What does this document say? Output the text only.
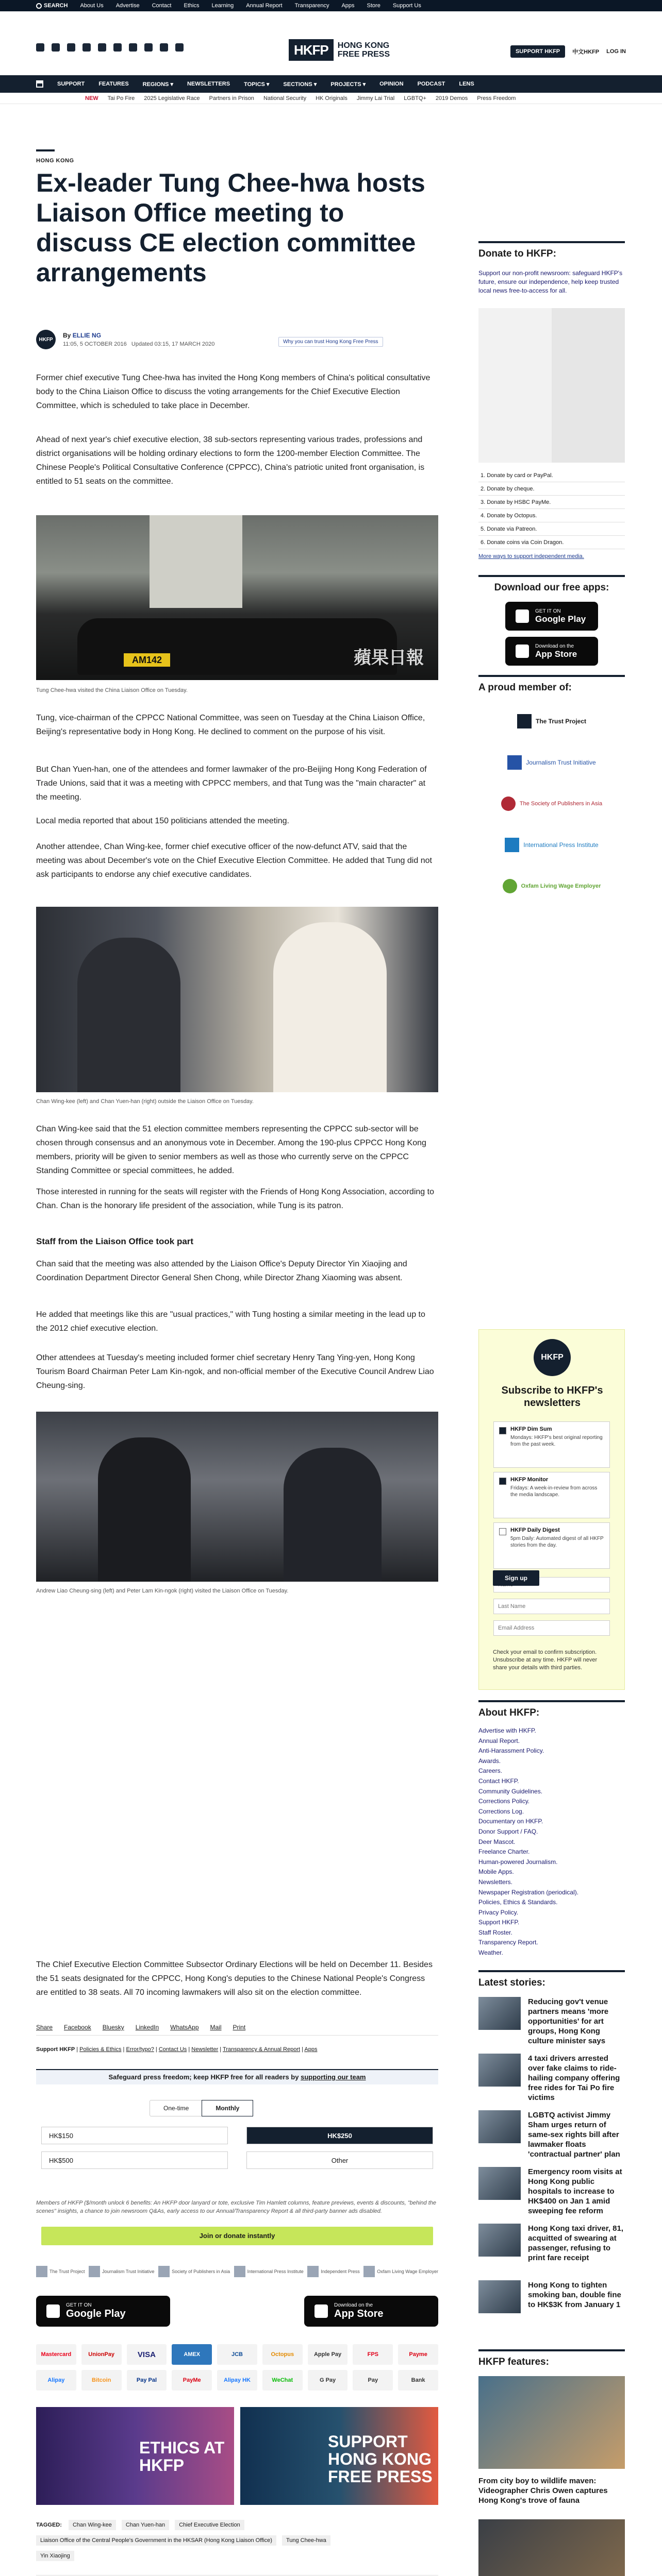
SEARCH About Us Advertise Contact Ethics Learning Annual Report Transparency Apps Store Support Us
HKFP	HONG KONG
FREE PRESS	SUPPORT HKFP	中文HKFP LOG IN
SUPPORT FEATURES REGIONS ▾ NEWSLETTERS TOPICS ▾ SECTIONS ▾ PROJECTS ▾ OPINION PODCAST LENS
NEW Tai Po Fire 2025 Legislative Race Partners in Prison National Security HK Originals Jimmy Lai Trial LGBTQ+ 2019 Demos Press Freedom
HONG KONG
Ex-leader Tung Chee-hwa hosts Liaison Office meeting to discuss CE election committee arrangements
HKFP
By ELLIE NG
11:05, 5 OCTOBER 2016 Updated 03:15, 17 MARCH 2020	Why you can trust Hong Kong Free Press

Former chief executive Tung Chee-hwa has invited the Hong Kong members of China's political consultative body to the China Liaison Office to discuss the voting arrangements for the Chief Executive Election Committee, which is scheduled to take place in December.

Ahead of next year's chief executive election, 38 sub-sectors representing various trades, professions and district organisations will be holding ordinary elections to form the 1200-member Election Committee. The Chinese People's Political Consultative Conference (CPPCC), China's patriotic united front organisation, is entitled to 51 seats on the committee.

AM142	蘋果日報
Tung Chee-hwa visited the China Liaison Office on Tuesday.

Tung, vice-chairman of the CPPCC National Committee, was seen on Tuesday at the China Liaison Office, Beijing's representative body in Hong Kong. He declined to comment on the purpose of his visit.

But Chan Yuen-han, one of the attendees and former lawmaker of the pro-Beijing Hong Kong Federation of Trade Unions, said that it was a meeting with CPPCC members, and that Tung was the "main character" at the meeting.

Local media reported that about 150 politicians attended the meeting.

Another attendee, Chan Wing-kee, former chief executive officer of the now-defunct ATV, said that the meeting was about December's vote on the Chief Executive Election Committee. He added that Tung did not ask participants to endorse any chief executive candidates.

Chan Wing-kee (left) and Chan Yuen-han (right) outside the Liaison Office on Tuesday.

Chan Wing-kee said that the 51 election committee members representing the CPPCC sub-sector will be chosen through consensus and an anonymous vote in December. Among the 190-plus CPPCC Hong Kong members, priority will be given to senior members as well as those who currently serve on the CPPCC Standing Committee or special committees, he added.

Those interested in running for the seats will register with the Friends of Hong Kong Association, according to Chan. Chan is the honorary life president of the association, while Tung is its patron.

Staff from the Liaison Office took part

Chan said that the meeting was also attended by the Liaison Office's Deputy Director Yin Xiaojing and Coordination Department Director General Shen Chong, while Director Zhang Xiaoming was absent.

He added that meetings like this are "usual practices," with Tung hosting a similar meeting in the lead up to the 2012 chief executive election.

Other attendees at Tuesday's meeting included former chief secretary Henry Tang Ying-yen, Hong Kong Tourism Board Chairman Peter Lam Kin-ngok, and non-official member of the Executive Council Andrew Liao Cheung-sing.

Andrew Liao Cheung-sing (left) and Peter Lam Kin-ngok (right) visited the Liaison Office on Tuesday.

The Chief Executive Election Committee Subsector Ordinary Elections will be held on December 11. Besides the 51 seats designated for the CPPCC, Hong Kong's deputies to the Chinese National People's Congress are entitled to 38 seats. All 70 incoming lawmakers will also sit on the election committee.

Share Facebook Bluesky LinkedIn WhatsApp Mail Print
Support HKFP | Policies & Ethics | Error/typo? | Contact Us | Newsletter | Transparency & Annual Report | Apps
Safeguard press freedom; keep HKFP free for all readers by supporting our team
One-time	Monthly
HK$150	HK$250
HK$500	Other
Members of HKFP ($/month unlock 6 benefits: An HKFP door lanyard or tote, exclusive Tim Hamlett columns, feature previews, events & discounts, "behind the scenes" insights, a chance to join newsroom Q&As, early access to our Annual/Transparency Report & all third-party banner ads disabled.
Join or donate instantly
The Trust Project	Journalism Trust Initiative	Society of Publishers in Asia	International Press Institute	Independent Press	Oxfam Living Wage Employer
GET IT ON
Google Play
Download on the
App Store
Mastercard	UnionPay	VISA	AMEX	JCB	Octopus	Apple Pay	FPS	Payme
Alipay	Bitcoin	Pay Pal	PayMe	Alipay HK	WeChat	G Pay	Pay	Bank
ETHICS AT HKFP
SUPPORT HONG KONG FREE PRESS
TAGGED: Chan Wing-kee Chan Yuen-han Chief Executive Election
Liaison Office of the Central People's Government in the HKSAR (Hong Kong Liaison Office) Tung Chee-hwa
Yin Xiaojing
Donate to HKFP:
Support our non-profit newsroom: safeguard HKFP's future, ensure our independence, help keep trusted local news free-to-access for all.
1. Donate by card or PayPal.
2. Donate by cheque.
3. Donate by HSBC PayMe.
4. Donate by Octopus.
5. Donate via Patreon.
6. Donate coins via Coin Dragon.
More ways to support independent media.
Download our free apps:
GET IT ON
Google Play
Download on the
App Store
A proud member of:
The Trust Project
Journalism Trust Initiative
The Society of Publishers in Asia
International Press Institute
Oxfam Living Wage Employer
HKFP
Subscribe to HKFP's newsletters
HKFP Dim Sum
Mondays: HKFP's best original reporting from the past week.
HKFP Monitor
Fridays: A week-in-review from across the media landscape.
HKFP Daily Digest
5pm Daily: Automated digest of all HKFP stories from the day.
Name
Last Name
Email Address
Sign up
Check your email to confirm subscription. Unsubscribe at any time. HKFP will never share your details with third parties.
About HKFP:
Advertise with HKFP.
Annual Report.
Anti-Harassment Policy.
Awards.
Careers.
Contact HKFP.
Community Guidelines.
Corrections Policy.
Corrections Log.
Documentary on HKFP.
Donor Support / FAQ.
Deer Mascot.
Freelance Charter.
Human-powered Journalism.
Mobile Apps.
Newsletters.
Newspaper Registration (periodical).
Policies, Ethics & Standards.
Privacy Policy.
Support HKFP.
Staff Roster.
Transparency Report.
Weather.
Latest stories:
Reducing gov't venue partners means 'more opportunities' for art groups, Hong Kong culture minister says
4 taxi drivers arrested over fake claims to ride-hailing company offering free rides for Tai Po fire victims
LGBTQ activist Jimmy Sham urges return of same-sex rights bill after lawmaker floats 'contractual partner' plan
Emergency room visits at Hong Kong public hospitals to increase to HK$400 on Jan 1 amid sweeping fee reform
Hong Kong taxi driver, 81, acquitted of swearing at passenger, refusing to print fare receipt
Hong Kong to tighten smoking ban, double fine to HK$3K from January 1
HKFP features:
From city boy to wildlife maven: Videographer Chris Owen captures Hong Kong's trove of fauna
